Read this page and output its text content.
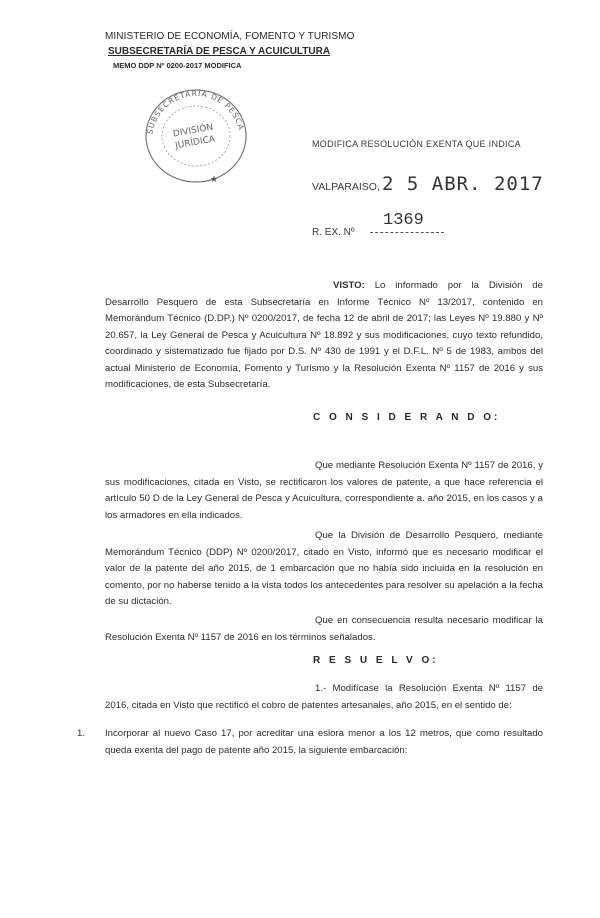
MINISTERIO DE ECONOMÍA, FOMENTO Y TURISMO
SUBSECRETARÍA DE PESCA Y ACUICULTURA
MEMO DDP Nº 0200-2017 MODIFICA
SUBSECRETARÍA DE PESCA
DIVISIÓN
JURÍDICA
★
MODIFICA RESOLUCIÓN EXENTA QUE INDICA
VALPARAISO, 2 5 ABR. 2017
R. EX. Nº
1369
VISTO: Lo informado por la División de Desarrollo Pesquero de esta Subsecretaría en Informe Técnico Nº 13/2017, contenido en Memorándum Técnico (D.DP.) Nº 0200/2017, de fecha 12 de abril de 2017; las Leyes Nº 19.880 y Nº 20.657, la Ley General de Pesca y Acuicultura Nº 18.892 y sus modificaciones, cuyo texto refundido, coordinado y sistematizado fue fijado por D.S. Nº 430 de 1991 y el D.F.L. Nº 5 de 1983, ambos del actual Ministerio de Economía, Fomento y Turismo y la Resolución Exenta Nº 1157 de 2016 y sus modificaciones, de esta Subsecretaría.
C O N S I D E R A N D O:
Que mediante Resolución Exenta Nº 1157 de 2016, y sus modificaciones, citada en Visto, se rectificaron los valores de patente, a que hace referencia el artículo 50 D de la Ley General de Pesca y Acuicultura, correspondiente a. año 2015, en los casos y a los armadores en ella indicados.
Que la División de Desarrollo Pesquero, mediante Memorándum Técnico (DDP) Nº 0200/2017, citado en Visto, informó que es necesario modificar el valor de la patente del año 2015, de 1 embarcación que no había sido incluida en la resolución en comento, por no haberse tenido a la vista todos los antecedentes para resolver su apelación a la fecha de su dictación.
Que en consecuencia resulta necesario modificar la Resolución Exenta Nº 1157 de 2016 en los términos señalados.
R E S U E L V O:
1.- Modifícase la Resolución Exenta Nº 1157 de 2016, citada en Visto que rectificó el cobro de patentes artesanales, año 2015, en el sentido de:
1. Incorporar al nuevo Caso 17, por acreditar una eslora menor a los 12 metros, que como resultado queda exenta del pago de patente año 2015, la siguiente embarcación:
